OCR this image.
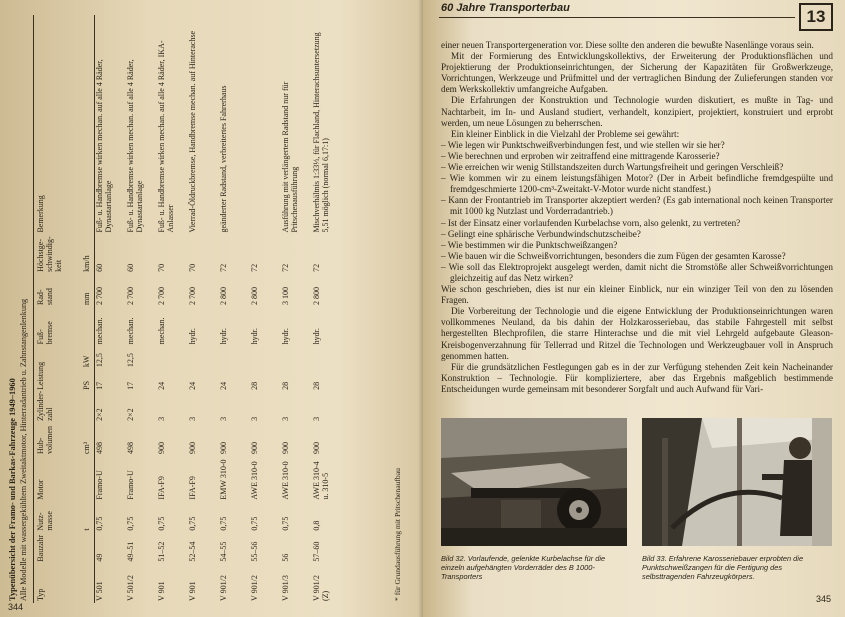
Typenübersicht der Framo- und Barkas-Fahrzeuge 1949–1960 Alle Modelle mit wassergekühltem Zweitaktmotor, Hinterradantrieb u. Zahnstangenlenkung Typ	Bauzahr	Nutz-masse	Motor	Hub-volumen	Zylinder-zahl	Leistung		Fuß-bremse	Rad-stand	Höchstge-schwindig-keit	Bemerkung
		t		cm³		PS	kW		mm	km/h	
V 501	49	0,75	Framo-U	498	2×2	17	12,5	mechan.	2 700	60	Fuß- u. Handbremse wirken mechan. auf alle 4 Räder, Dynastartanlage
V 501/2	49–51	0,75	Framo-U	498	2×2	17	12,5	mechan.	2 700	60	Fuß- u. Handbremse wirken mechan. auf alle 4 Räder, Dynastartanlage
V 901	51–52	0,75	IFA-F9	900	3	24		mechan.	2 700	70	Fuß- u. Handbremse wirken mechan. auf alle 4 Räder, IKA-Anlasser
V 901	52–54	0,75	IFA-F9	900	3	24		hydr.	2 700	70	Vierrad-Öldruckbremse, Handbremse mechan. auf Hinterachse
V 901/2	54–55	0,75	EMW 310-0	900	3	24		hydr.	2 800	72	geänderter Radstand, verbreitertes Fahrerhaus
V 901/2	55–56	0,75	AWE 310-0	900	3	28		hydr.	2 800	72	
V 901/3	56	0,75	AWE 310-0	900	3	28		hydr.	3 100	72	Ausführung mit verlängertem Radstand nur für Pritschenausführung
V 901/2 (Z)	57–60	0,8	AWE 310-4 u. 310-5	900	3	28		hydr.	2 800	72	Mischverhältnis 1:33⅓, für Flachland, Hinterachsuntersetzung 5,51 möglich (normal 6,17:1)
* für Grundausführung mit Pritschenaufbau
344
60 Jahre Transporterbau	13

einer neuen Transportergeneration vor. Diese sollte den anderen die bewußte Nasenlänge voraus sein.

Mit der Formierung des Entwicklungskollektivs, der Erweiterung der Produktionsflächen und Projektierung der Produktionseinrichtungen, der Sicherung der Kapazitäten für Großwerkzeuge, Vorrichtungen, Werkzeuge und Prüfmittel und der vertraglichen Bindung der Zulieferungen standen vor dem Werkskollektiv umfangreiche Aufgaben.

Die Erfahrungen der Konstruktion und Technologie wurden diskutiert, es mußte in Tag- und Nachtarbeit, im In- und Ausland studiert, verhandelt, konzipiert, projektiert, konstruiert und erprobt werden, um neue Lösungen zu beherrschen.

Ein kleiner Einblick in die Vielzahl der Probleme sei gewährt:

– Wie legen wir Punktschweißverbindungen fest, und wie stellen wir sie her?
– Wie berechnen und erproben wir zeitraffend eine mittragende Karosserie?
– Wie erreichen wir wenig Stillstandszeiten durch Wartungsfreiheit und geringen Verschleiß?
– Wie kommen wir zu einem leistungsfähigen Motor? (Der in Arbeit befindliche fremdgespülte und fremdgeschmierte 1200-cm³-Zweitakt-V-Motor wurde nicht standfest.)
– Kann der Frontantrieb im Transporter akzeptiert werden? (Es gab international noch keinen Transporter mit 1000 kg Nutzlast und Vorderradantrieb.)
– Ist der Einsatz einer vorlaufenden Kurbelachse vorn, also gelenkt, zu vertreten?
– Gelingt eine sphärische Verbundwindschutzscheibe?
– Wie bestimmen wir die Punktschweißzangen?
– Wie bauen wir die Schweißvorrichtungen, besonders die zum Fügen der gesamten Karosse?
– Wie soll das Elektroprojekt ausgelegt werden, damit nicht die Stromstöße aller Schweißvorrichtungen gleichzeitig auf das Netz wirken?

Wie schon geschrieben, dies ist nur ein kleiner Einblick, nur ein winziger Teil von den zu lösenden Fragen.

Die Vorbereitung der Technologie und die eigene Entwicklung der Produktionseinrichtungen waren vollkommenes Neuland, da bis dahin der Holzkarosseriebau, das stabile Fahrgestell mit selbst hergestellten Blechprofilen, die starre Hinterachse und die mit viel Lehrgeld aufgebaute Gleason-Kreisbogenverzahnung für Tellerrad und Ritzel die Technologen und Werkzeugbauer voll in Anspruch genommen hatten.

Für die grundsätzlichen Festlegungen gab es in der zur Verfügung stehenden Zeit kein Nacheinander Konstruktion – Technologie. Für kompliziertere, aber das Ergebnis maßgeblich bestimmende Entscheidungen wurde gemeinsam mit besonderer Sorgfalt und auch Aufwand für Vari-

Bild 32. Vorlaufende, gelenkte Kurbelachse für die einzeln aufgehängten Vorderräder des B 1000-Transporters
Bild 33. Erfahrene Karosseriebauer erprobten die Punktschweißzangen für die Fertigung des selbsttragenden Fahrzeugkörpers.
345
